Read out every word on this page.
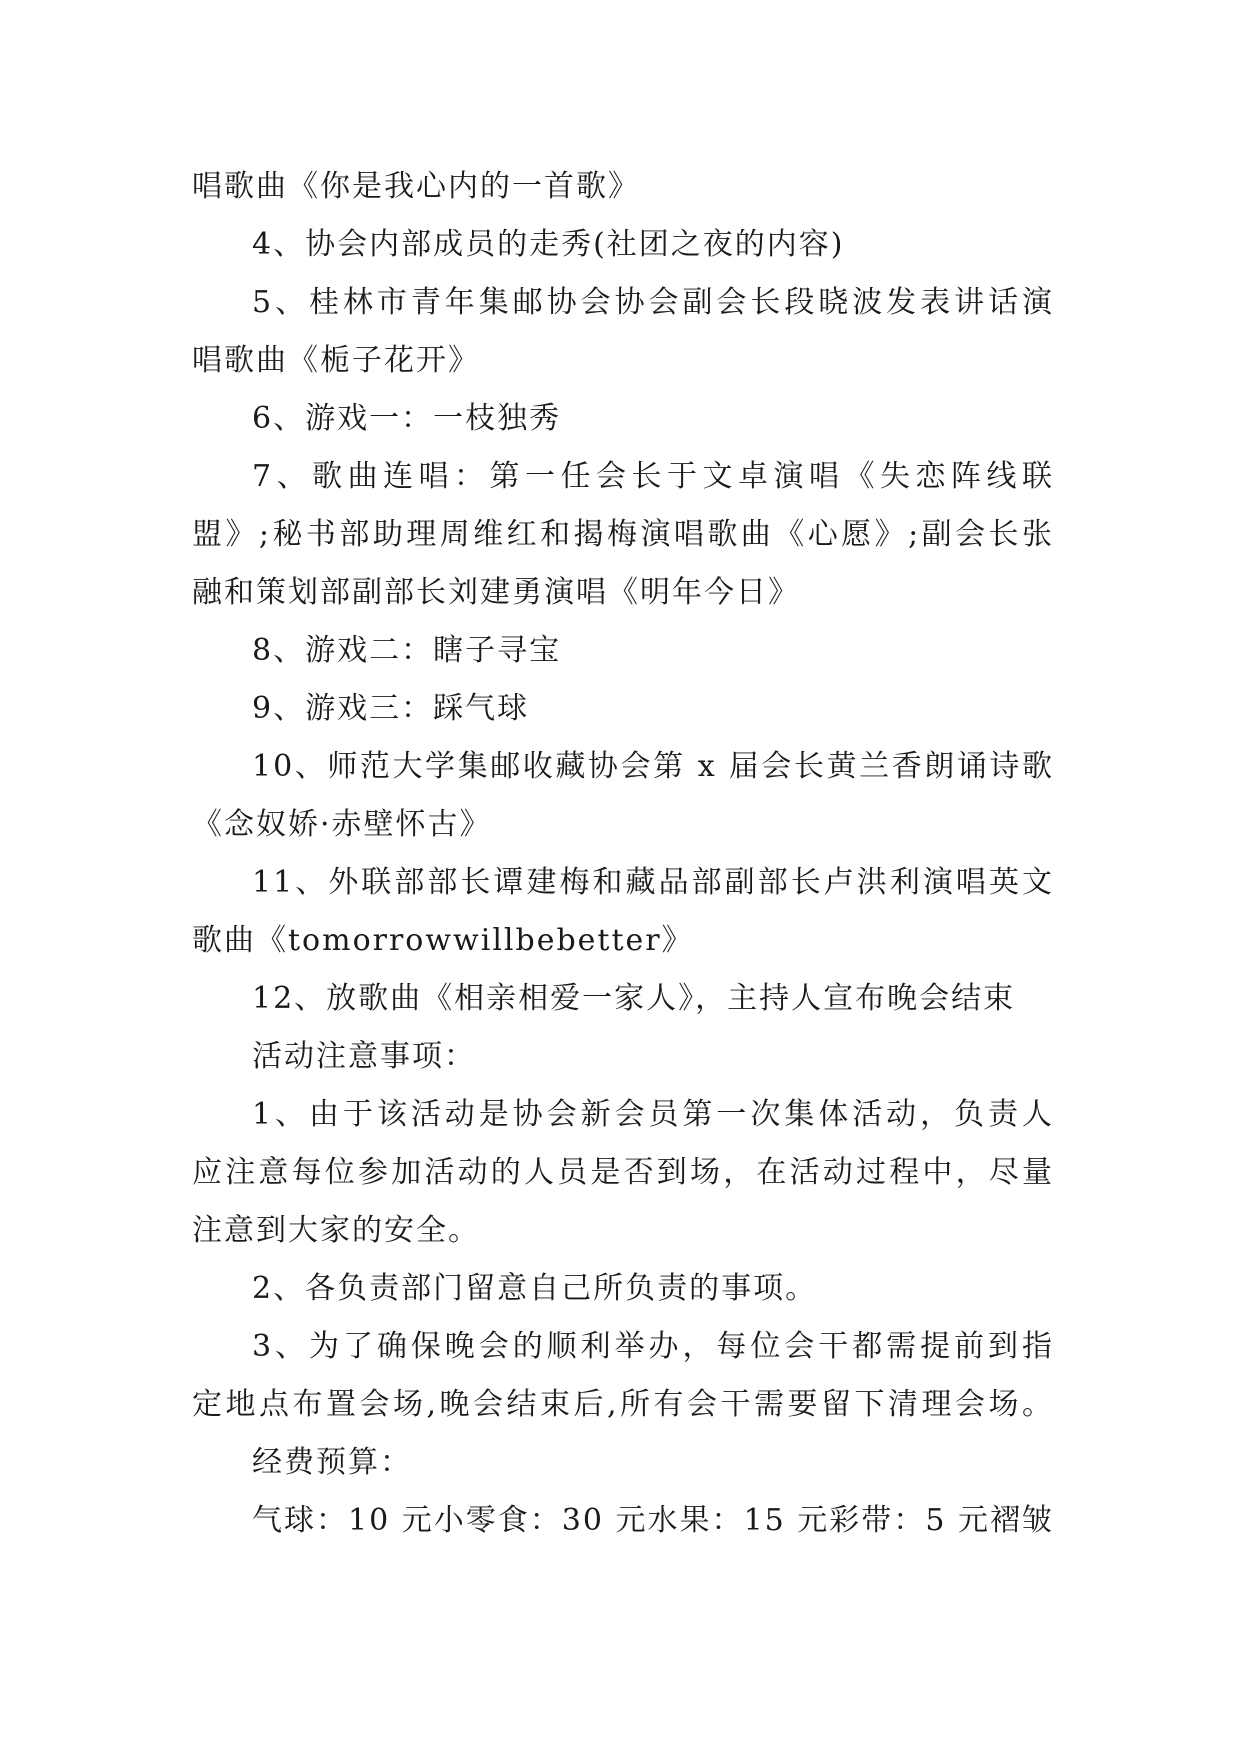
唱歌曲《你是我心内的一首歌》
4、协会内部成员的走秀(社团之夜的内容)
5、桂林市青年集邮协会协会副会长段晓波发表讲话演
唱歌曲《栀子花开》
6、游戏一：一枝独秀
7、歌曲连唱：第一任会长于文卓演唱《失恋阵线联
盟》;秘书部助理周维红和揭梅演唱歌曲《心愿》;副会长张
融和策划部副部长刘建勇演唱《明年今日》
8、游戏二：瞎子寻宝
9、游戏三：踩气球
10、师范大学集邮收藏协会第 x 届会长黄兰香朗诵诗歌
《念奴娇·赤壁怀古》
11、外联部部长谭建梅和藏品部副部长卢洪利演唱英文
歌曲《tomorrowwillbebetter》
12、放歌曲《相亲相爱一家人》，主持人宣布晚会结束
活动注意事项：
1、由于该活动是协会新会员第一次集体活动，负责人
应注意每位参加活动的人员是否到场，在活动过程中，尽量
注意到大家的安全。
2、各负责部门留意自己所负责的事项。
3、为了确保晚会的顺利举办，每位会干都需提前到指
定地点布置会场,晚会结束后,所有会干需要留下清理会场。
经费预算：
气球：10 元小零食：30 元水果：15 元彩带：5 元褶皱
